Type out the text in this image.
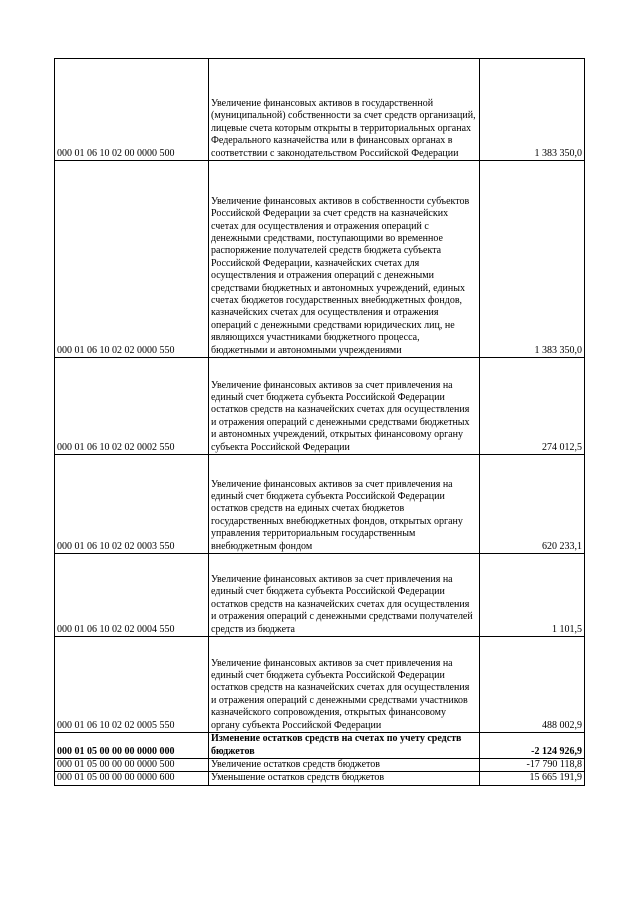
000 01 06 10 02 00 0000 500	Увеличение финансовых активов в государственной (муниципальной) собственности за счет средств организаций, лицевые счета которым открыты в территориальных органах Федерального казначейства или в финансовых органах в соответствии с законодательством Российской Федерации	1 383 350,0
000 01 06 10 02 02 0000 550	Увеличение финансовых активов в собственности субъектов Российской Федерации за счет средств на казначейских счетах для осуществления и отражения операций с денежными средствами, поступающими во временное распоряжение получателей средств бюджета субъекта Российской Федерации, казначейских счетах для осуществления и отражения операций с денежными средствами бюджетных и автономных учреждений, единых счетах бюджетов государственных внебюджетных фондов, казначейских счетах для осуществления и отражения операций с денежными средствами юридических лиц, не являющихся участниками бюджетного процесса, бюджетными и автономными учреждениями	1 383 350,0
000 01 06 10 02 02 0002 550	Увеличение финансовых активов за счет привлечения на единый счет бюджета субъекта Российской Федерации остатков средств на казначейских счетах для осуществления и отражения операций с денежными средствами бюджетных и автономных учреждений, открытых финансовому органу субъекта Российской Федерации	274 012,5
000 01 06 10 02 02 0003 550	Увеличение финансовых активов за счет привлечения на единый счет бюджета субъекта Российской Федерации остатков средств на единых счетах бюджетов государственных внебюджетных фондов, открытых органу управления территориальным государственным внебюджетным фондом	620 233,1
000 01 06 10 02 02 0004 550	Увеличение финансовых активов за счет привлечения на единый счет бюджета субъекта Российской Федерации остатков средств на казначейских счетах для осуществления и отражения операций с денежными средствами получателей средств из бюджета	1 101,5
000 01 06 10 02 02 0005 550	Увеличение финансовых активов за счет привлечения на единый счет бюджета субъекта Российской Федерации остатков средств на казначейских счетах для осуществления и отражения операций с денежными средствами участников казначейского сопровождения, открытых финансовому органу субъекта Российской Федерации	488 002,9
000 01 05 00 00 00 0000 000	Изменение остатков средств на счетах по учету средств бюджетов	-2 124 926,9
000 01 05 00 00 00 0000 500	Увеличение остатков средств бюджетов	-17 790 118,8
000 01 05 00 00 00 0000 600	Уменьшение остатков средств бюджетов	15 665 191,9
